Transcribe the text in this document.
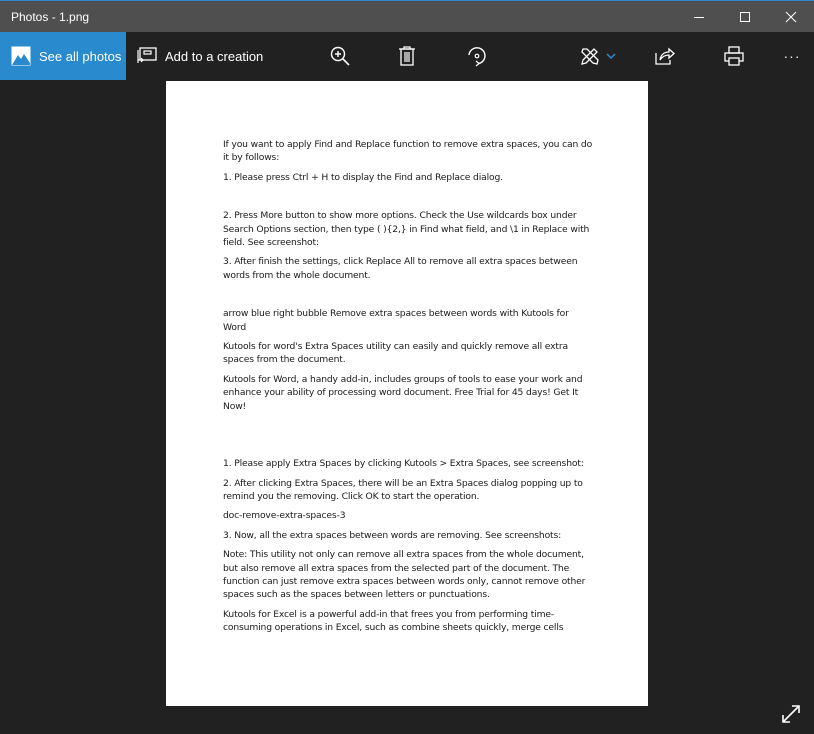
Photos - 1.png
See all photos	Add to a creation	···

If you want to apply Find and Replace function to remove extra spaces, you can do it by follows:

1. Please press Ctrl + H to display the Find and Replace dialog.

2. Press More button to show more options. Check the Use wildcards box under Search Options section, then type ( ){2,} in Find what field, and \1 in Replace with field. See screenshot:

3. After finish the settings, click Replace All to remove all extra spaces between words from the whole document.

arrow blue right bubble Remove extra spaces between words with Kutools for Word

Kutools for word's Extra Spaces utility can easily and quickly remove all extra spaces from the document.

Kutools for Word, a handy add-in, includes groups of tools to ease your work and enhance your ability of processing word document. Free Trial for 45 days! Get It Now!

1. Please apply Extra Spaces by clicking Kutools > Extra Spaces, see screenshot:

2. After clicking Extra Spaces, there will be an Extra Spaces dialog popping up to remind you the removing. Click OK to start the operation.

doc-remove-extra-spaces-3

3. Now, all the extra spaces between words are removing. See screenshots:

Note: This utility not only can remove all extra spaces from the whole document, but also remove all extra spaces from the selected part of the document. The function can just remove extra spaces between words only, cannot remove other spaces such as the spaces between letters or punctuations.

Kutools for Excel is a powerful add-in that frees you from performing time-consuming operations in Excel, such as combine sheets quickly, merge cells
